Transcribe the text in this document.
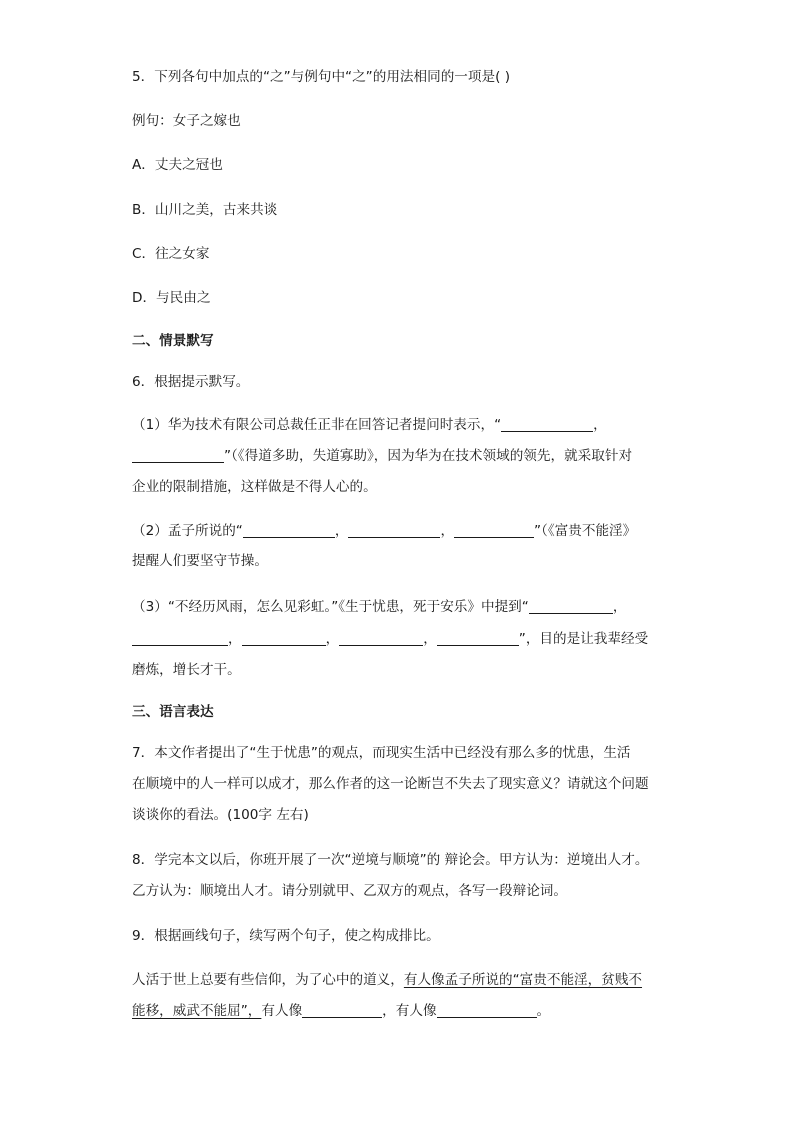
5．下列各句中加点的“之”与例句中“之”的用法相同的一项是( )
例句：女子之嫁也
A．丈夫之冠也
B．山川之美，古来共谈
C．往之女家
D．与民由之
二、情景默写
6．根据提示默写。
（1）华为技术有限公司总裁任正非在回答记者提问时表示，“	，
”（《得道多助，失道寡助》，因为华为在技术领域的领先，就采取针对
企业的限制措施，这样做是不得人心的。
（2）孟子所说的“	，	，	”（《富贵不能淫》
提醒人们要坚守节操。
（3）“不经历风雨，怎么见彩虹。”《生于忧患，死于安乐》中提到“	，
，	，	，	”，目的是让我辈经受
磨炼，增长才干。
三、语言表达
7．本文作者提出了“生于忧患”的观点，而现实生活中已经没有那么多的忧患，生活
在顺境中的人一样可以成才，那么作者的这一论断岂不失去了现实意义？请就这个问题
谈谈你的看法。(100字 左右)
8．学完本文以后，你班开展了一次“逆境与顺境”的 辩论会。甲方认为：逆境出人才。
乙方认为：顺境出人才。请分别就甲、乙双方的观点，各写一段辩论词。
9．根据画线句子，续写两个句子，使之构成排比。
人活于世上总要有些信仰，为了心中的道义，有人像孟子所说的“富贵不能淫，贫贱不
能移，威武不能屈”，有人像	，有人像	。
